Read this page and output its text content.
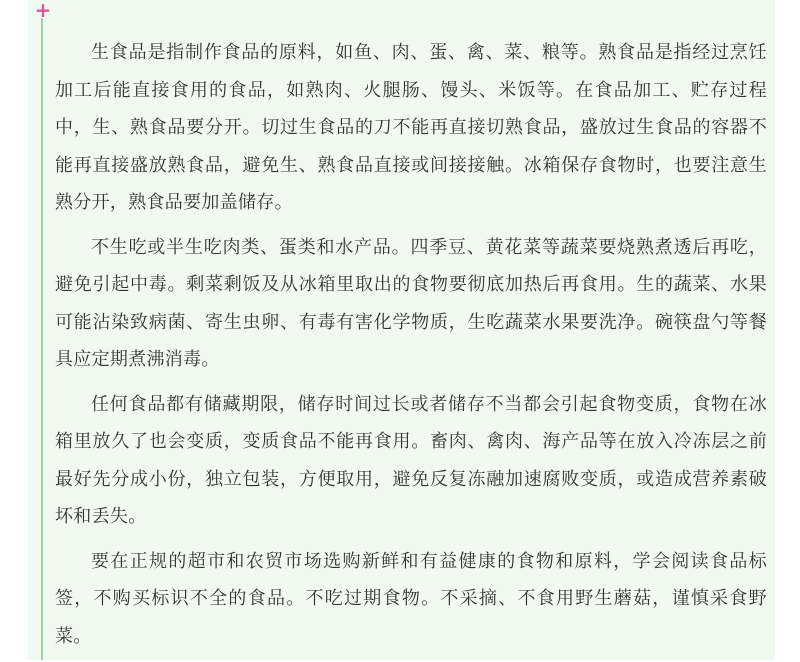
+

生食品是指制作食品的原料，如鱼、肉、蛋、禽、菜、粮等。熟食品是指经过烹饪加工后能直接食用的食品，如熟肉、火腿肠、馒头、米饭等。在食品加工、贮存过程中，生、熟食品要分开。切过生食品的刀不能再直接切熟食品，盛放过生食品的容器不能再直接盛放熟食品，避免生、熟食品直接或间接接触。冰箱保存食物时，也要注意生熟分开，熟食品要加盖储存。

不生吃或半生吃肉类、蛋类和水产品。四季豆、黄花菜等蔬菜要烧熟煮透后再吃，避免引起中毒。剩菜剩饭及从冰箱里取出的食物要彻底加热后再食用。生的蔬菜、水果可能沾染致病菌、寄生虫卵、有毒有害化学物质，生吃蔬菜水果要洗净。碗筷盘勺等餐具应定期煮沸消毒。

任何食品都有储藏期限，储存时间过长或者储存不当都会引起食物变质，食物在冰箱里放久了也会变质，变质食品不能再食用。畜肉、禽肉、海产品等在放入冷冻层之前最好先分成小份，独立包装，方便取用，避免反复冻融加速腐败变质，或造成营养素破坏和丢失。

要在正规的超市和农贸市场选购新鲜和有益健康的食物和原料，学会阅读食品标签，不购买标识不全的食品。不吃过期食物。不采摘、不食用野生蘑菇，谨慎采食野菜。
